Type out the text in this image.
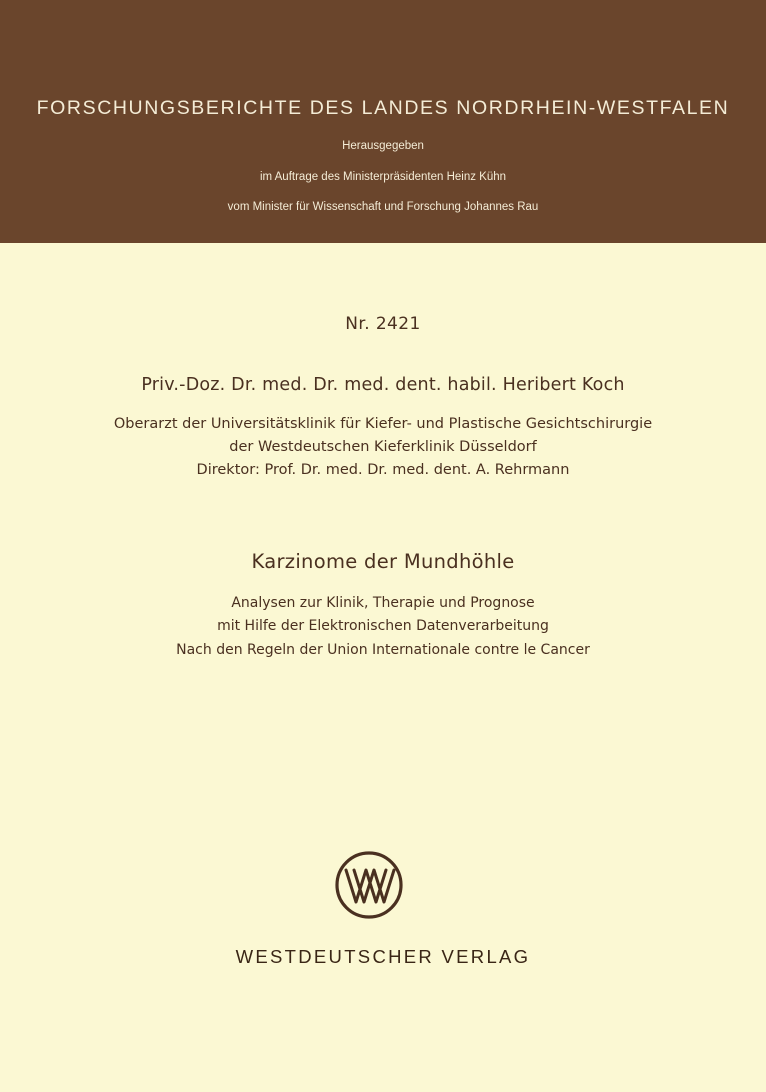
FORSCHUNGSBERICHTE DES LANDES NORDRHEIN-WESTFALEN
Herausgegeben
im Auftrage des Ministerpräsidenten Heinz Kühn
vom Minister für Wissenschaft und Forschung Johannes Rau
Nr. 2421
Priv.-Doz. Dr. med. Dr. med. dent. habil. Heribert Koch
Oberarzt der Universitätsklinik für Kiefer- und Plastische Gesichtschirurgie
der Westdeutschen Kieferklinik Düsseldorf
Direktor: Prof. Dr. med. Dr. med. dent. A. Rehrmann
Karzinome der Mundhöhle
Analysen zur Klinik, Therapie und Prognose
mit Hilfe der Elektronischen Datenverarbeitung
Nach den Regeln der Union Internationale contre le Cancer
WESTDEUTSCHER VERLAG
